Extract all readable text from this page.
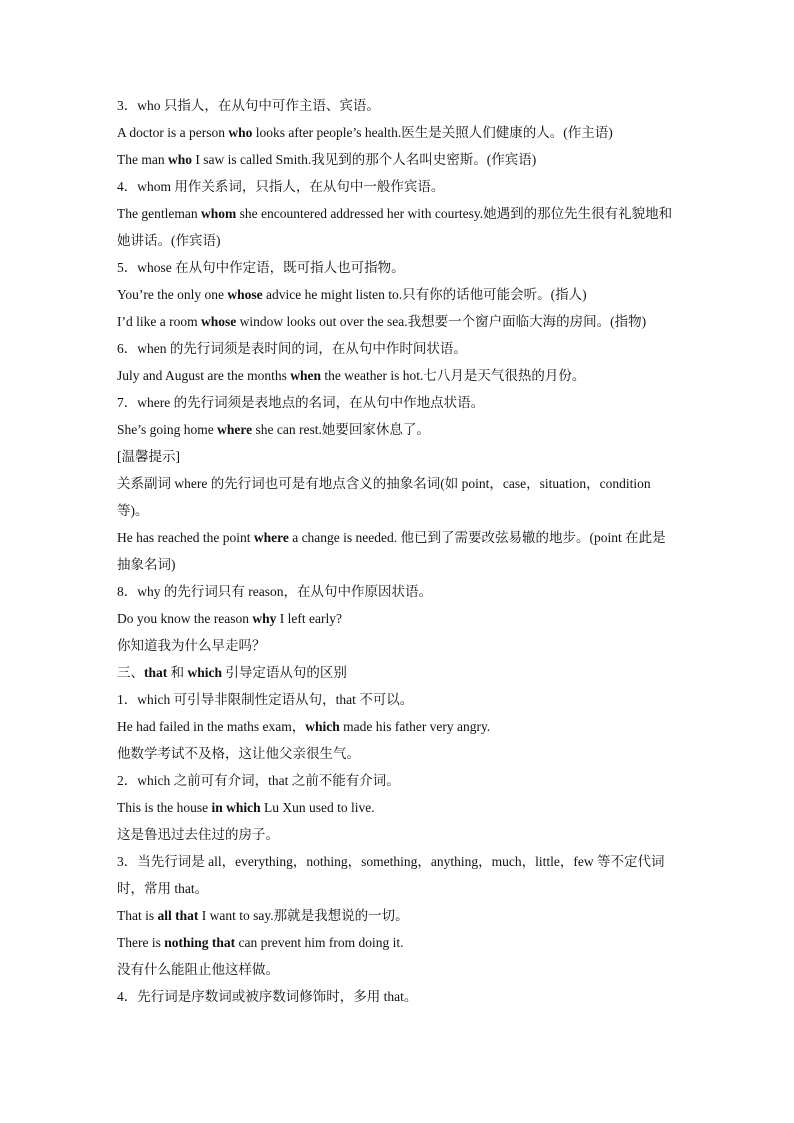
3．who 只指人，在从句中可作主语、宾语。
A doctor is a person who looks after people’s health.医生是关照人们健康的人。(作主语)
The man who I saw is called Smith.我见到的那个人名叫史密斯。(作宾语)
4．whom 用作关系词，只指人，在从句中一般作宾语。
The gentleman whom she encountered addressed her with courtesy.她遇到的那位先生很有礼貌地和她讲话。(作宾语)
5．whose 在从句中作定语，既可指人也可指物。
You’re the only one whose advice he might listen to.只有你的话他可能会听。(指人)
I’d like a room whose window looks out over the sea.我想要一个窗户面临大海的房间。(指物)
6．when 的先行词须是表时间的词，在从句中作时间状语。
July and August are the months when the weather is hot.七八月是天气很热的月份。
7．where 的先行词须是表地点的名词，在从句中作地点状语。
She’s going home where she can rest.她要回家休息了。
[温馨提示]
关系副词 where 的先行词也可是有地点含义的抽象名词(如 point，case，situation，condition 等)。
He has reached the point where a change is needed. 他已到了需要改弦易辙的地步。(point 在此是抽象名词)
8．why 的先行词只有 reason，在从句中作原因状语。
Do you know the reason why I left early?
你知道我为什么早走吗？
三、that 和 which 引导定语从句的区别
1．which 可引导非限制性定语从句，that 不可以。
He had failed in the maths exam，which made his father very angry.
他数学考试不及格，这让他父亲很生气。
2．which 之前可有介词，that 之前不能有介词。
This is the house in which Lu Xun used to live.
这是鲁迅过去住过的房子。
3．当先行词是 all，everything，nothing，something，anything，much，little，few 等不定代词时，常用 that。
That is all that I want to say.那就是我想说的一切。
There is nothing that can prevent him from doing it.
没有什么能阻止他这样做。
4．先行词是序数词或被序数词修饰时，多用 that。
